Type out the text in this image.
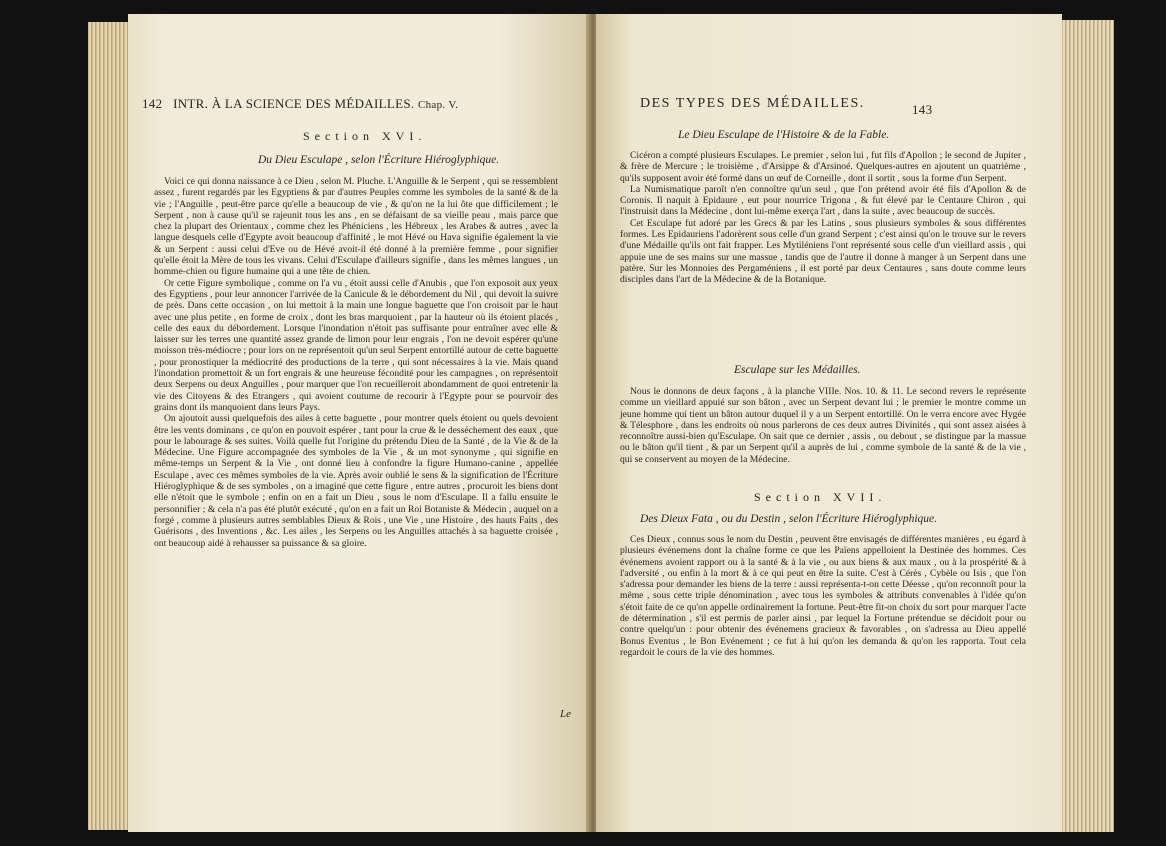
142 INTR. À LA SCIENCE DES MÉDAILLES. Chap. V.
Section XVI.
Du Dieu Esculape , selon l'Écriture Hiéroglyphique.

Voici ce qui donna naissance à ce Dieu , selon M. Pluche. L'Anguille & le Serpent , qui se ressemblent assez , furent regardés par les Egyptiens & par d'autres Peuples comme les symboles de la santé & de la vie ; l'Anguille , peut-être parce qu'elle a beaucoup de vie , & qu'on ne la lui ôte que difficilement ; le Serpent , non à cause qu'il se rajeunit tous les ans , en se défaisant de sa vieille peau , mais parce que chez la plupart des Orientaux , comme chez les Phéniciens , les Hébreux , les Arabes & autres , avec la langue desquels celle d'Egypte avoit beaucoup d'affinité , le mot Hévé ou Hava signifie également la vie & un Serpent : aussi celui d'Eve ou de Hévé avoit-il été donné à la première femme , pour signifier qu'elle étoit la Mère de tous les vivans. Celui d'Esculape d'ailleurs signifie , dans les mêmes langues , un homme-chien ou figure humaine qui a une tête de chien.

Or cette Figure symbolique , comme on l'a vu , étoit aussi celle d'Anubis , que l'on exposoit aux yeux des Egyptiens , pour leur annoncer l'arrivée de la Canicule & le débordement du Nil , qui devoit la suivre de près. Dans cette occasion , on lui mettoit à la main une longue baguette que l'on croisoit par le haut avec une plus petite , en forme de croix , dont les bras marquoient , par la hauteur où ils étoient placés , celle des eaux du débordement. Lorsque l'inondation n'étoit pas suffisante pour entraîner avec elle & laisser sur les terres une quantité assez grande de limon pour leur engrais , l'on ne devoit espérer qu'une moisson très-médiocre ; pour lors on ne représentoit qu'un seul Serpent entortillé autour de cette baguette , pour pronostiquer la médiocrité des productions de la terre , qui sont nécessaires à la vie. Mais quand l'inondation promettoit & un fort engrais & une heureuse fécondité pour les campagnes , on représentoit deux Serpens ou deux Anguilles , pour marquer que l'on recueilleroit abondamment de quoi entretenir la vie des Citoyens & des Etrangers , qui avoient coutume de recourir à l'Egypte pour se pourvoir des grains dont ils manquoient dans leurs Pays.

On ajoutoit aussi quelquefois des ailes à cette baguette , pour montrer quels étoient ou quels devoient être les vents dominans , ce qu'on en pouvoit espérer , tant pour la crue & le desséchement des eaux , que pour le labourage & ses suites. Voilà quelle fut l'origine du prétendu Dieu de la Santé , de la Vie & de la Médecine. Une Figure accompagnée des symboles de la Vie , & un mot synonyme , qui signifie en même-temps un Serpent & la Vie , ont donné lieu à confondre la figure Humano-canine , appellée Esculape , avec ces mêmes symboles de la vie. Après avoir oublié le sens & la signification de l'Écriture Hiéroglyphique & de ses symboles , on a imaginé que cette figure , entre autres , procuroit les biens dont elle n'étoit que le symbole ; enfin on en a fait un Dieu , sous le nom d'Esculape. Il a fallu ensuite le personnifier ; & cela n'a pas été plutôt exécuté , qu'on en a fait un Roi Botaniste & Médecin , auquel on a forgé , comme à plusieurs autres semblables Dieux & Rois , une Vie , une Histoire , des hauts Faits , des Guérisons , des Inventions , &c. Les ailes , les Serpens ou les Anguilles attachés à sa baguette croisée , ont beaucoup aidé à rehausser sa puissance & sa gloire.

Le
DES TYPES DES MÉDAILLES.	143
Le Dieu Esculape de l'Histoire & de la Fable.

Cicéron a compté plusieurs Esculapes. Le premier , selon lui , fut fils d'Apollon ; le second de Jupiter , & frère de Mercure ; le troisième , d'Arsippe & d'Arsinoé. Quelques-autres en ajoutent un quatrième , qu'ils supposent avoir été formé dans un œuf de Corneille , dont il sortit , sous la forme d'un Serpent.

La Numismatique paroît n'en connoître qu'un seul , que l'on prétend avoir été fils d'Apollon & de Coronis. Il naquit à Epidaure , eut pour nourrice Trigona , & fut élevé par le Centaure Chiron , qui l'instruisit dans la Médecine , dont lui-même exerça l'art , dans la suite , avec beaucoup de succès.

Cet Esculape fut adoré par les Grecs & par les Latins , sous plusieurs symboles & sous différentes formes. Les Epidauriens l'adorèrent sous celle d'un grand Serpent ; c'est ainsi qu'on le trouve sur le revers d'une Médaille qu'ils ont fait frapper. Les Mytiléniens l'ont représenté sous celle d'un vieillard assis , qui appuie une de ses mains sur une massue , tandis que de l'autre il donne à manger à un Serpent dans une patère. Sur les Monnoies des Pergaméniens , il est porté par deux Centaures , sans doute comme leurs disciples dans l'art de la Médecine & de la Botanique.

Esculape sur les Médailles.

Nous le donnons de deux façons , à la planche VIIIe. Nos. 10. & 11. Le second revers le représente comme un vieillard appuié sur son bâton , avec un Serpent devant lui ; le premier le montre comme un jeune homme qui tient un bâton autour duquel il y a un Serpent entortillé. On le verra encore avec Hygée & Télesphore , dans les endroits où nous parlerons de ces deux autres Divinités , qui sont assez aisées à reconnoître aussi-bien qu'Esculape. On sait que ce dernier , assis , ou debout , se distingue par la massue ou le bâton qu'il tient , & par un Serpent qu'il a auprès de lui , comme symbole de la santé & de la vie , qui se conservent au moyen de la Médecine.

Section XVII.
Des Dieux Fata , ou du Destin , selon l'Écriture Hiéroglyphique.

Ces Dieux , connus sous le nom du Destin , peuvent être envisagés de différentes manières , eu égard à plusieurs événemens dont la chaîne forme ce que les Païens appelloient la Destinée des hommes. Ces événemens avoient rapport ou à la santé & à la vie , ou aux biens & aux maux , ou à la prospérité & à l'adversité , ou enfin à la mort & à ce qui peut en être la suite. C'est à Cérès , Cybèle ou Isis , que l'on s'adressa pour demander les biens de la terre : aussi représenta-t-on cette Déesse , qu'on reconnoît pour la même , sous cette triple dénomination , avec tous les symboles & attributs convenables à l'idée qu'on s'étoit faite de ce qu'on appelle ordinairement la fortune. Peut-être fit-on choix du sort pour marquer l'acte de détermination , s'il est permis de parler ainsi , par lequel la Fortune prétendue se décidoit pour ou contre quelqu'un : pour obtenir des événemens gracieux & favorables , on s'adressa au Dieu appellé Bonus Eventus , le Bon Evénement ; ce fut à lui qu'on les demanda & qu'on les rapporta. Tout cela regardoit le cours de la vie des hommes.
